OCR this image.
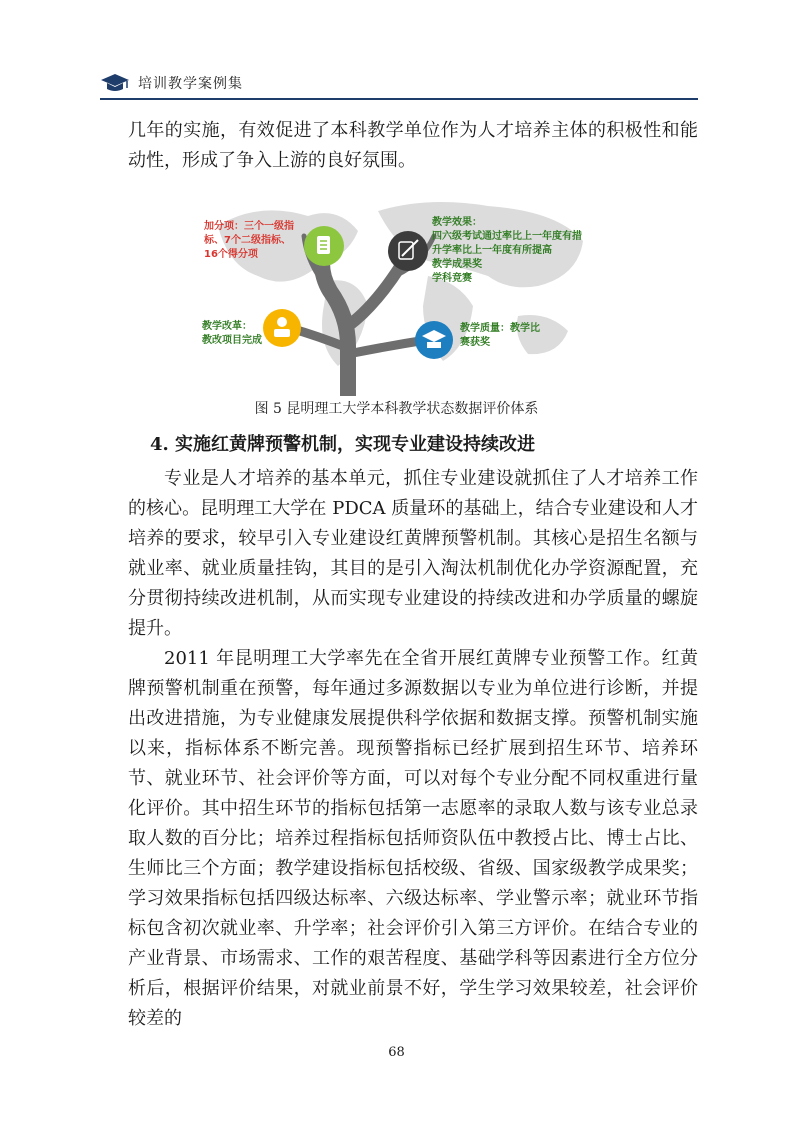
培训教学案例集
几年的实施，有效促进了本科教学单位作为人才培养主体的积极性和能动性，形成了争入上游的良好氛围。
加分项：三个一级指
标、7个二级指标、
16个得分项
教学效果：
四六级考试通过率比上一年度有措
升学率比上一年度有所提高
教学成果奖
学科竞赛
教学改革：
教改项目完成
教学质量：教学比
赛获奖
图 5 昆明理工大学本科教学状态数据评价体系
4. 实施红黄牌预警机制，实现专业建设持续改进
专业是人才培养的基本单元，抓住专业建设就抓住了人才培养工作的核心。昆明理工大学在 PDCA 质量环的基础上，结合专业建设和人才培养的要求，较早引入专业建设红黄牌预警机制。其核心是招生名额与就业率、就业质量挂钩，其目的是引入淘汰机制优化办学资源配置，充分贯彻持续改进机制，从而实现专业建设的持续改进和办学质量的螺旋提升。
2011 年昆明理工大学率先在全省开展红黄牌专业预警工作。红黄牌预警机制重在预警，每年通过多源数据以专业为单位进行诊断，并提出改进措施，为专业健康发展提供科学依据和数据支撑。预警机制实施以来，指标体系不断完善。现预警指标已经扩展到招生环节、培养环节、就业环节、社会评价等方面，可以对每个专业分配不同权重进行量化评价。其中招生环节的指标包括第一志愿率的录取人数与该专业总录取人数的百分比；培养过程指标包括师资队伍中教授占比、博士占比、生师比三个方面；教学建设指标包括校级、省级、国家级教学成果奖；学习效果指标包括四级达标率、六级达标率、学业警示率；就业环节指标包含初次就业率、升学率；社会评价引入第三方评价。在结合专业的产业背景、市场需求、工作的艰苦程度、基础学科等因素进行全方位分析后，根据评价结果，对就业前景不好，学生学习效果较差，社会评价较差的
68
